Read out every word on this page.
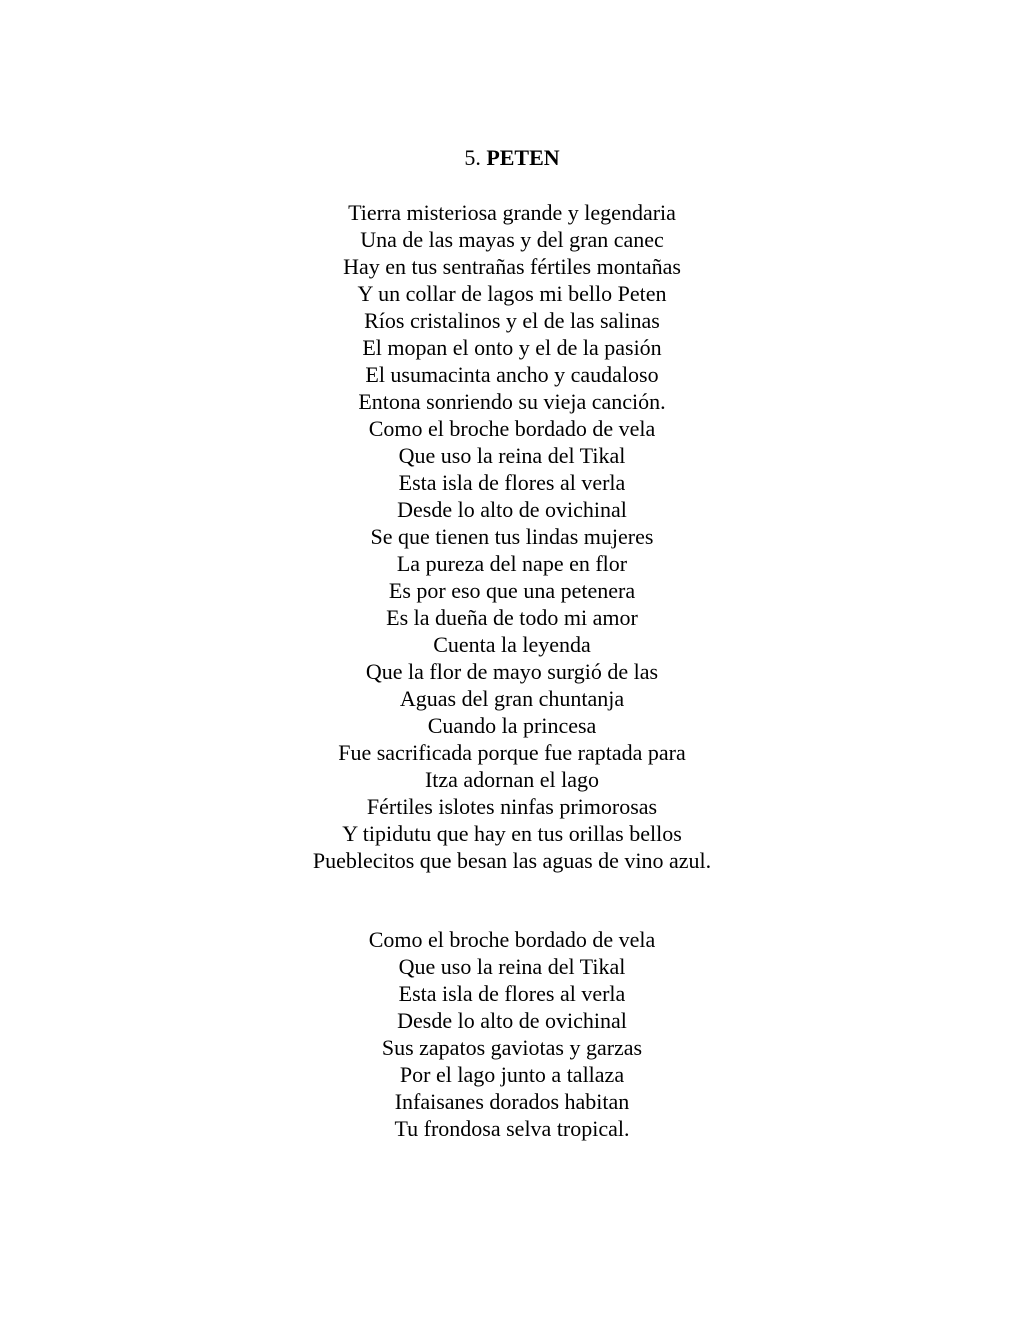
5. PETEN
Tierra misteriosa grande y legendaria
Una de las mayas y del gran canec
Hay en tus sentrañas fértiles montañas
Y un collar de lagos mi bello Peten
Ríos cristalinos y el de las salinas
El mopan el onto y el de la pasión
El usumacinta ancho y caudaloso
Entona sonriendo su vieja canción.
Como el broche bordado de vela
Que uso la reina del Tikal
Esta isla de flores al verla
Desde lo alto de ovichinal
Se que tienen tus lindas mujeres
La pureza del nape en flor
Es por eso que una petenera
Es la dueña de todo mi amor
Cuenta la leyenda
Que la flor de mayo surgió de las
Aguas del gran chuntanja
Cuando la princesa
Fue sacrificada porque fue raptada para
Itza adornan el lago
Fértiles islotes ninfas primorosas
Y tipidutu que hay en tus orillas bellos
Pueblecitos que besan las aguas de vino azul.
Como el broche bordado de vela
Que uso la reina del Tikal
Esta isla de flores al verla
Desde lo alto de ovichinal
Sus zapatos gaviotas y garzas
Por el lago junto a tallaza
Infaisanes dorados habitan
Tu frondosa selva tropical.
